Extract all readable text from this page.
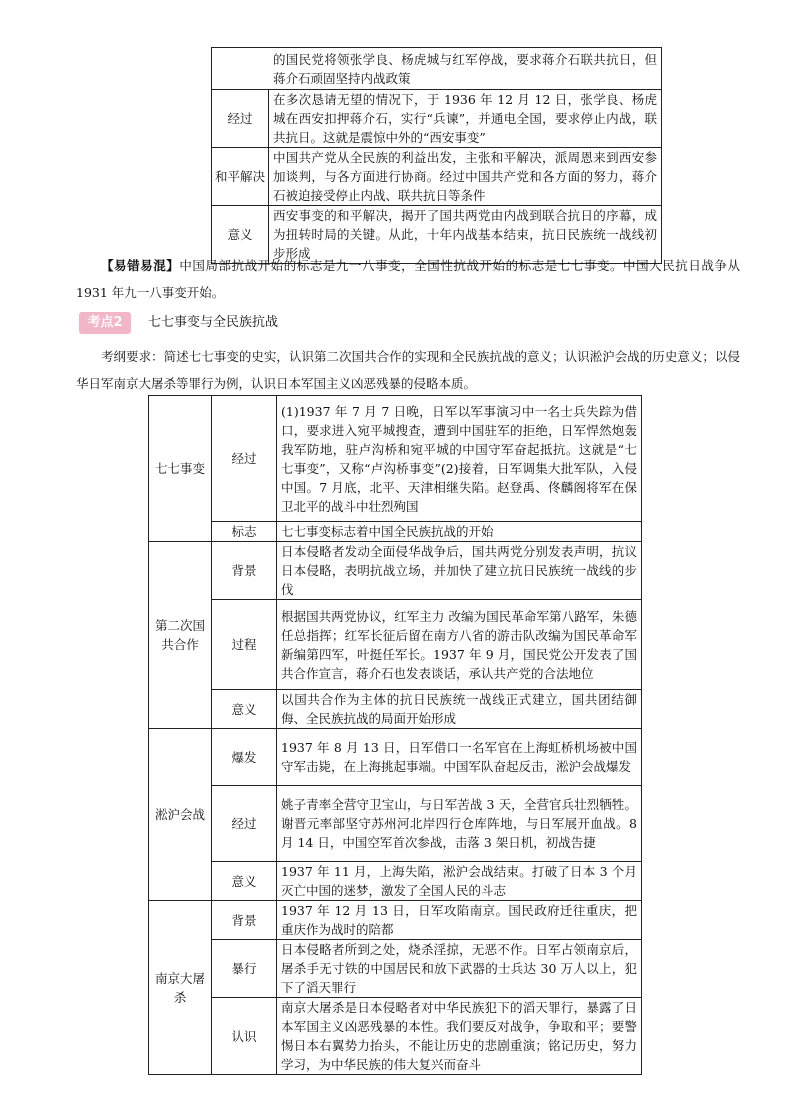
的国民党将领张学良、杨虎城与红军停战，要求蒋介石联共抗日，但蒋介石顽固坚持内战政策	
经过	在多次恳请无望的情况下，于 1936 年 12 月 12 日，张学良、杨虎城在西安扣押蒋介石，实行“兵谏”，并通电全国，要求停止内战，联共抗日。这就是震惊中外的“西安事变”
和平解决	中国共产党从全民族的利益出发，主张和平解决，派周恩来到西安参加谈判，与各方面进行协商。经过中国共产党和各方面的努力，蒋介石被迫接受停止内战、联共抗日等条件
意义	西安事变的和平解决，揭开了国共两党由内战到联合抗日的序幕，成为扭转时局的关键。从此，十年内战基本结束，抗日民族统一战线初步形成
【易错易混】中国局部抗战开始的标志是九一八事变，全国性抗战开始的标志是七七事变。中国人民抗日战争从 1931 年九一八事变开始。
考点2	七七事变与全民族抗战
考纲要求：简述七七事变的史实，认识第二次国共合作的实现和全民族抗战的意义；认识淞沪会战的历史意义；以侵华日军南京大屠杀等罪行为例，认识日本军国主义凶恶残暴的侵略本质。
七七事变	经过	(1)1937 年 7 月 7 日晚，日军以军事演习中一名士兵失踪为借口，要求进入宛平城搜查，遭到中国驻军的拒绝，日军悍然炮轰我军防地，驻卢沟桥和宛平城的中国守军奋起抵抗。这就是“七七事变”，又称“卢沟桥事变”(2)接着，日军调集大批军队，入侵中国。7 月底，北平、天津相继失陷。赵登禹、佟麟阁将军在保卫北平的战斗中壮烈殉国
	标志	七七事变标志着中国全民族抗战的开始
第二次国共合作	背景	日本侵略者发动全面侵华战争后，国共两党分别发表声明，抗议日本侵略，表明抗战立场，并加快了建立抗日民族统一战线的步伐
	过程	根据国共两党协议，红军主力 改编为国民革命军第八路军，朱德任总指挥；红军长征后留在南方八省的游击队改编为国民革命军新编第四军，叶挺任军长。1937 年 9 月，国民党公开发表了国共合作宣言，蒋介石也发表谈话，承认共产党的合法地位
	意义	以国共合作为主体的抗日民族统一战线正式建立，国共团结御侮、全民族抗战的局面开始形成
淞沪会战	爆发	1937 年 8 月 13 日，日军借口一名军官在上海虹桥机场被中国守军击毙，在上海挑起事端。中国军队奋起反击，淞沪会战爆发
	经过	姚子青率全营守卫宝山，与日军苦战 3 天，全营官兵壮烈牺牲。谢晋元率部坚守苏州河北岸四行仓库阵地，与日军展开血战。8 月 14 日，中国空军首次参战，击落 3 架日机，初战告捷
	意义	1937 年 11 月，上海失陷，淞沪会战结束。打破了日本 3 个月灭亡中国的迷梦，激发了全国人民的斗志
南京大屠杀	背景	1937 年 12 月 13 日，日军攻陷南京。国民政府迁往重庆，把重庆作为战时的陪都
	暴行	日本侵略者所到之处，烧杀淫掠，无恶不作。日军占领南京后，屠杀手无寸铁的中国居民和放下武器的士兵达 30 万人以上，犯下了滔天罪行
	认识	南京大屠杀是日本侵略者对中华民族犯下的滔天罪行，暴露了日本军国主义凶恶残暴的本性。我们要反对战争，争取和平；要警惕日本右翼势力抬头，不能让历史的悲剧重演；铭记历史，努力学习，为中华民族的伟大复兴而奋斗
